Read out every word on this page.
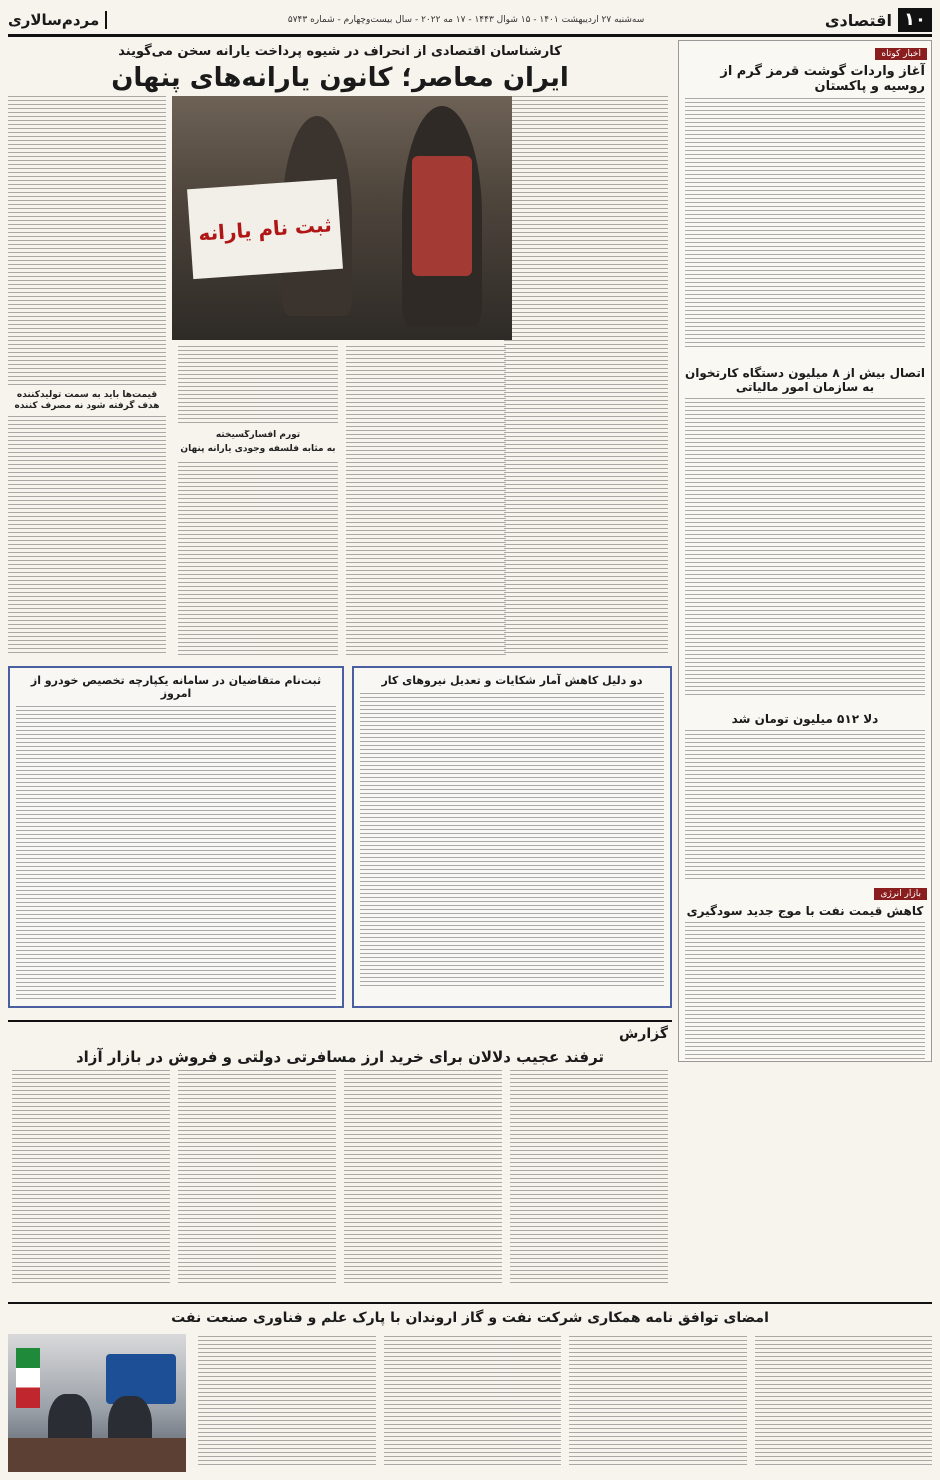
۱۰
اقتصادی
سه‌شنبه ۲۷ اردیبهشت ۱۴۰۱ - ۱۵ شوال ۱۴۴۳ - ۱۷ مه ۲۰۲۲ - سال بیست‌وچهارم - شماره ۵۷۴۳
مردم‌سالاری
اخبار کوتاه
آغاز واردات گوشت قرمز گرم از روسیه و پاکستان
اتصال بیش از ۸ میلیون دستگاه کارتخوان به سازمان امور مالیاتی
دلا ۵۱۲ میلیون تومان شد
بازار انرژی
کاهش قیمت نفت با موج جدید سودگیری
کارشناسان اقتصادی از انحراف در شیوه پرداخت یارانه سخن می‌گویند
ایران معاصر؛ کانون یارانه‌های پنهان
قیمت‌ها باید به سمت تولیدکننده هدف گرفته شود نه مصرف کننده
ثبت نام یارانه
تورم افسارگسیخته
به مثابه فلسفه وجودی یارانه پنهان
دو دلیل کاهش آمار شکایات و تعدیل نیروهای کار
ثبت‌نام متقاضیان در سامانه یکپارچه تخصیص خودرو از امروز
گزارش
ترفند عجیب دلالان برای خرید ارز مسافرتی دولتی و فروش در بازار آزاد
امضای توافق نامه همکاری شرکت نفت و گاز اروندان با پارک علم و فناوری صنعت نفت
